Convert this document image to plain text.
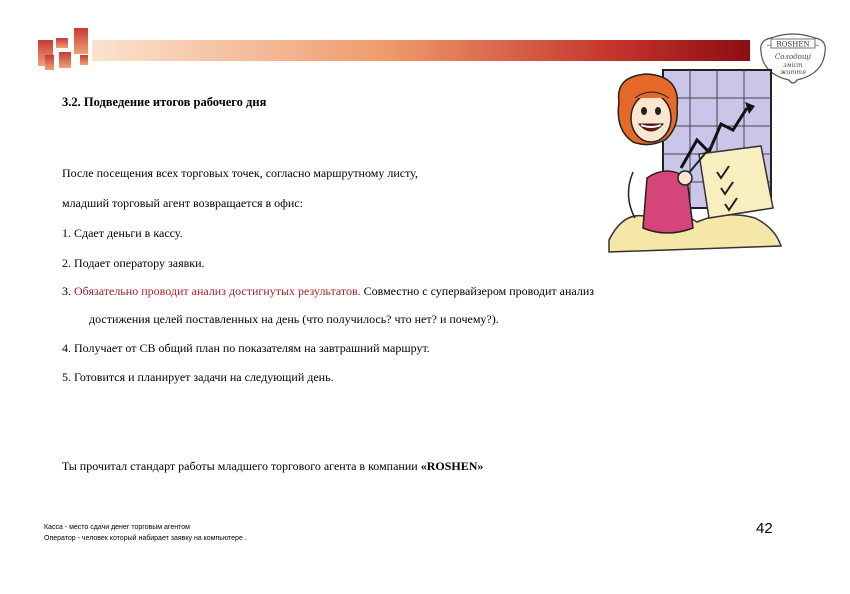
ROSHEN
Солодощі
зміст
життя

3.2. Подведение итогов рабочего дня

После посещения всех торговых точек, согласно маршрутному листу,

младший торговый агент возвращается в офис:

1. Сдает деньги в кассу.

2. Подает оператору заявки.

3. Обязательно проводит анализ достигнутых результатов. Совместно с супервайзером проводит анализ

достижения целей поставленных на день (что получилось? что нет? и почему?).

4. Получает от СВ общий план по показателям на завтрашний маршрут.

5. Готовится и планирует задачи на следующий день.

Ты прочитал стандарт работы младшего торгового агента в компании «ROSHEN»

Касса - место сдачи денег торговым агентом

Оператор - человек который набирает заявку на компьютере .

42
